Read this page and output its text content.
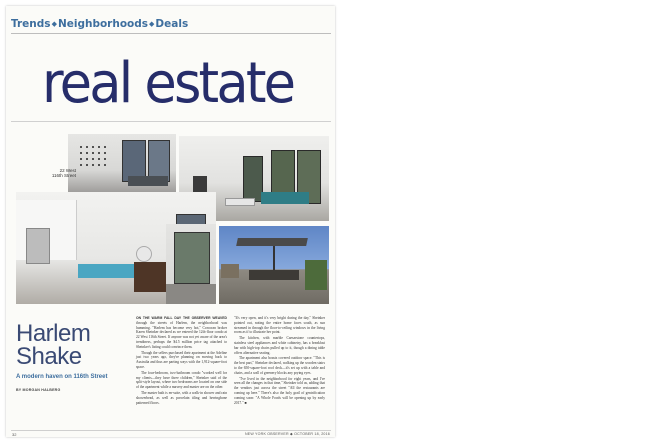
Trends◆Neighborhoods◆Deals
real estate
22 West
116th Street
Harlem Shake
A modern haven on 116th Street
BY MORGAN HALBERG

ON THE WARM FALL DAY THE OBSERVER WEAVED through the streets of Harlem, the neighborhood was humming. "Harlem has become very hot," Corcoran broker Karen Sheinker declared as we entered the 12th-floor condo at 22 West 116th Street. If anyone was not yet aware of the area's trendiness, perhaps the $4.5 million price tag attached to Sheinker's listing could convince them.

Though the sellers purchased their apartment at the Adeline just two years ago, they're planning on moving back to Australia and thus are parting ways with the 1,912-square-foot space.

The four-bedroom, two-bathroom condo "worked well for my clients—they have three children," Sheinker said of the split-style layout, where two bedrooms are located on one side of the apartment while a nursery and master are on the other.

The master bath is en-suite, with a walk-in shower and rain showerhead, as well as porcelain tiling and herringbone patterned floors.

"It's very open, and it's very bright during the day," Sheinker pointed out, noting the entire home faces south, as sun streamed in through the floor-to-ceiling windows in the living room as if to illustrate her point.

The kitchen, with marble Caesarstone countertops, stainless steel appliances and white cabinetry, has a breakfast bar with high-top chairs pulled up to it, though a dining table offers alternative seating.

The apartment also boasts covered outdoor space. "This is the best part," Sheinker declared, walking up the wooden stairs to the 650-square-foot roof deck—it's set up with a table and chairs, and a wall of greenery blocks any prying eyes.

"I've lived in the neighborhood for eight years, and I've seen all the changes in that time," Sheinker told us, adding that the vendors just across the street "All the restaurants are coming up here." There's also the holy grail of gentrification coming soon: "A Whole Foods will be opening up by early 2017." ■

32	NEW YORK OBSERVER ◆ OCTOBER 18, 2016
